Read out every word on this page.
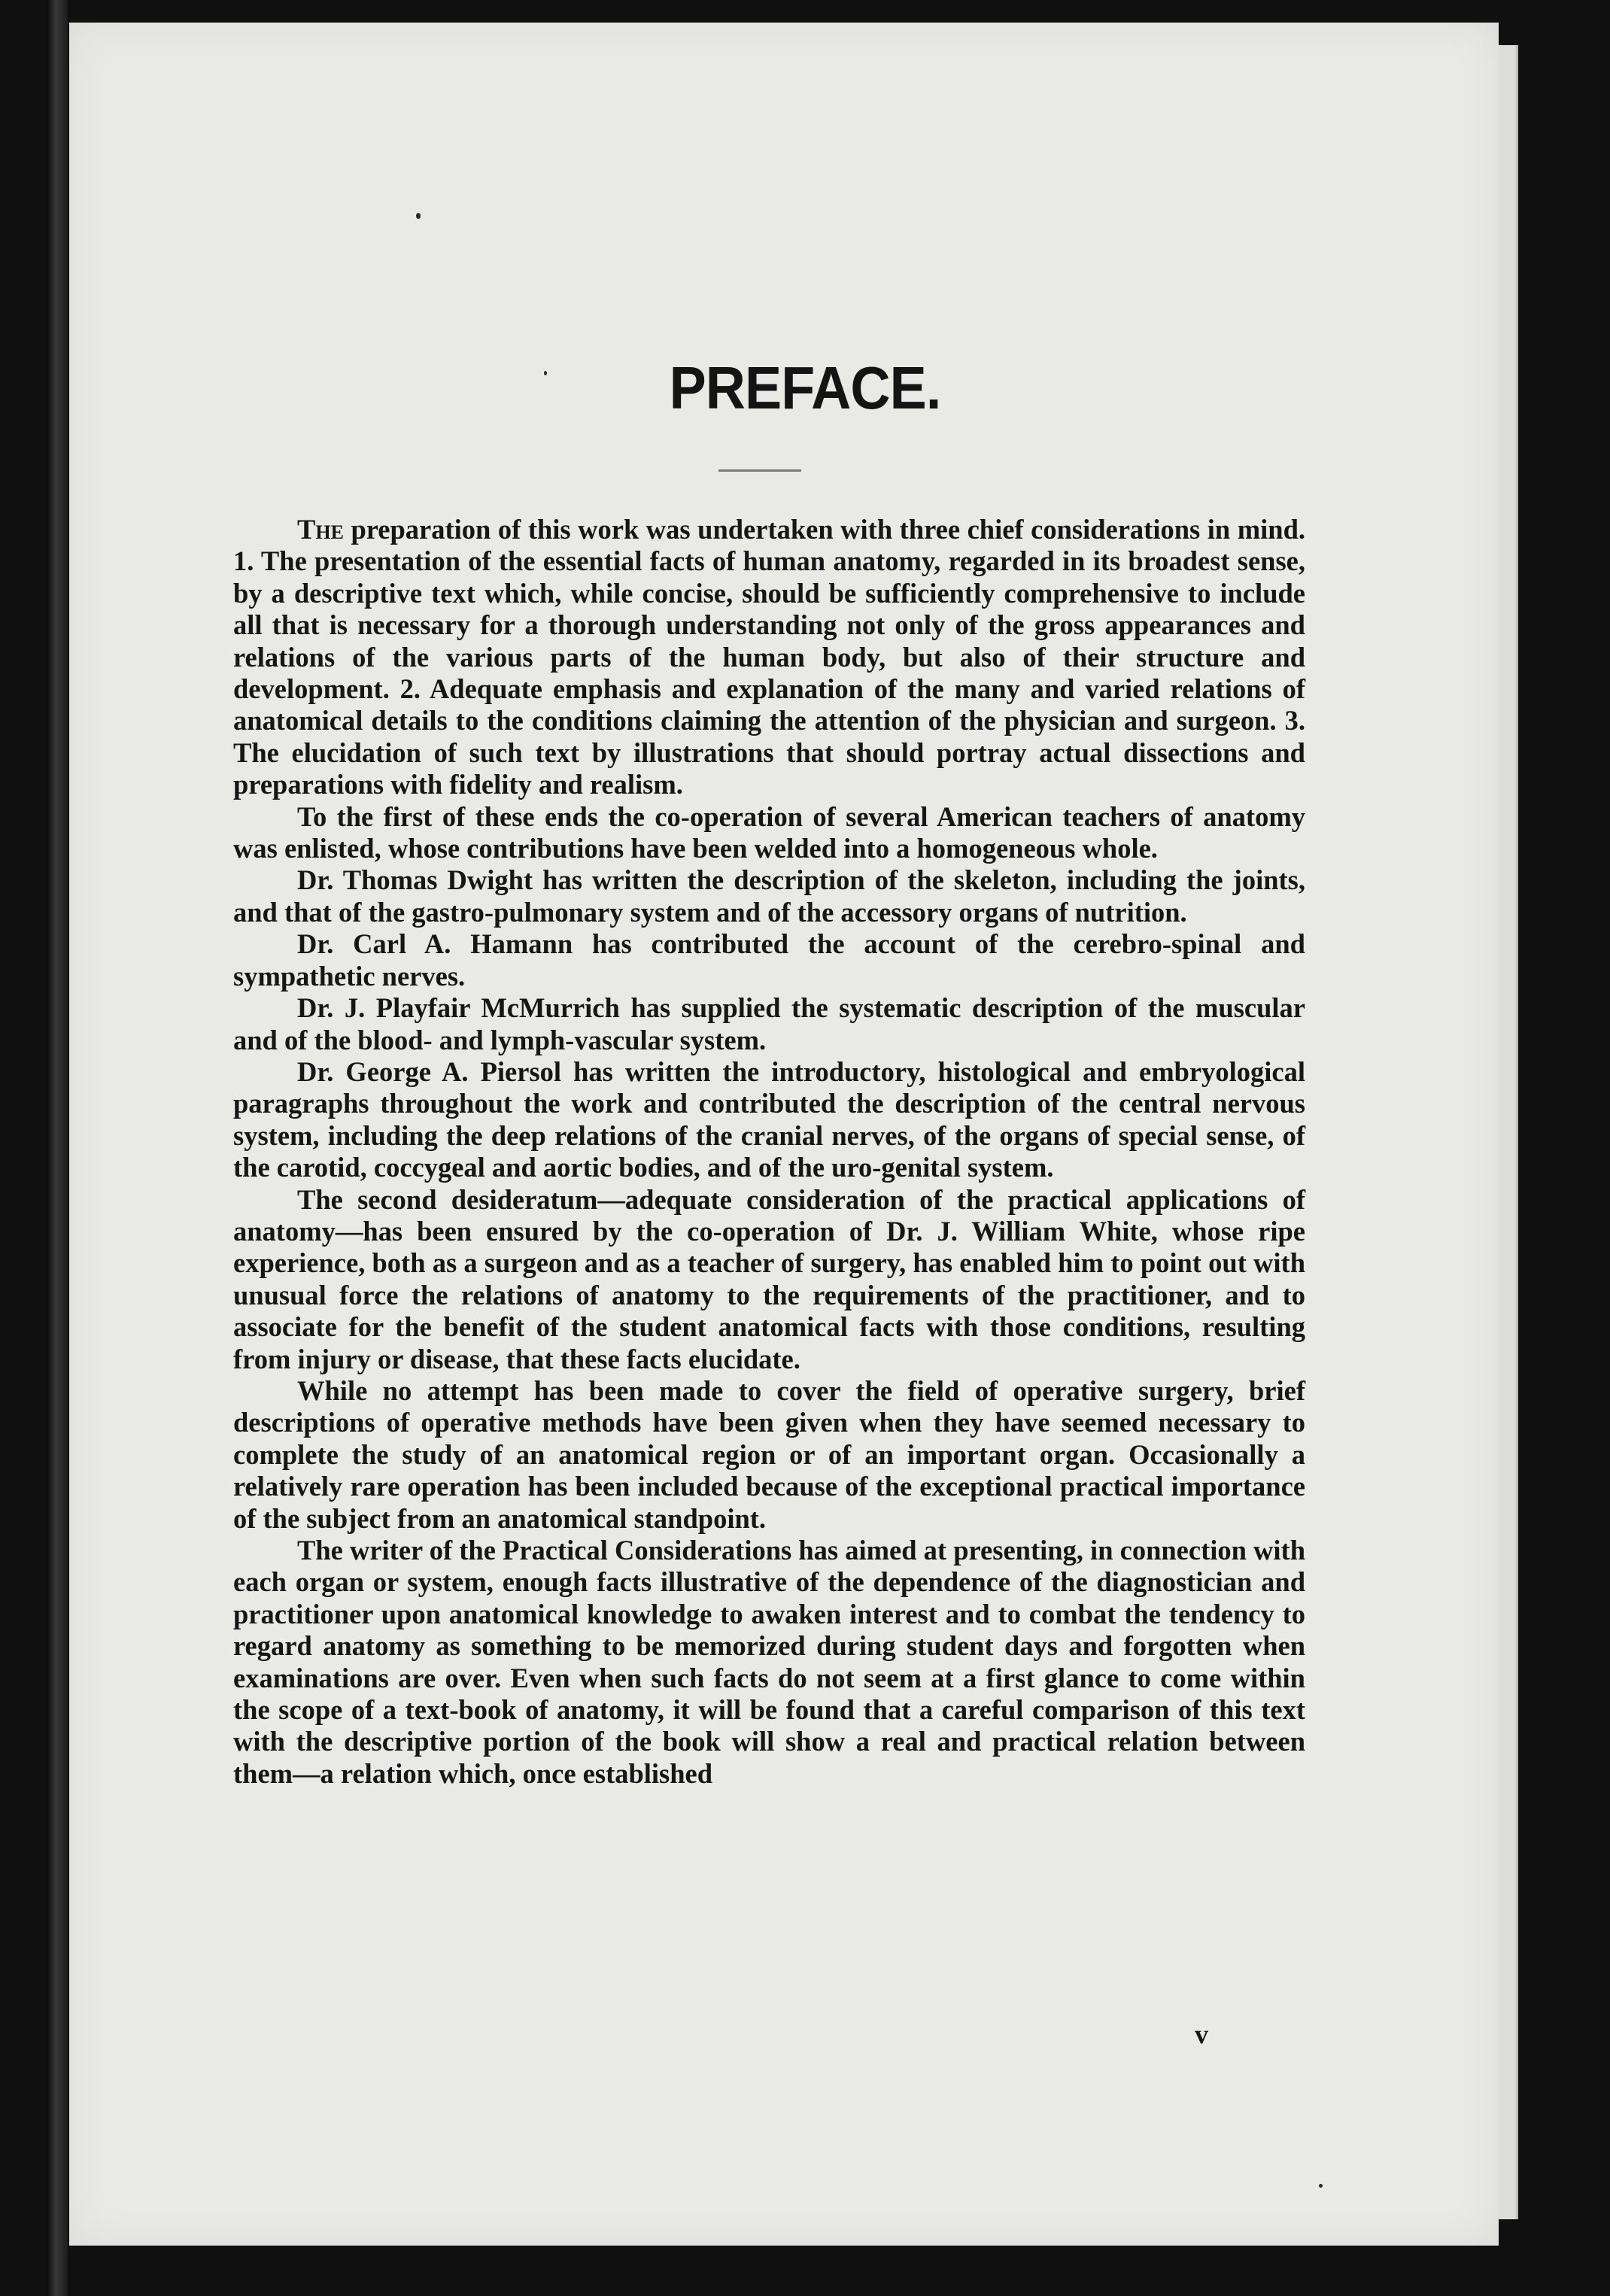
PREFACE.

The preparation of this work was undertaken with three chief considerations in mind. 1. The presentation of the essential facts of human anatomy, regarded in its broadest sense, by a descriptive text which, while concise, should be sufficiently comprehensive to include all that is necessary for a thorough understanding not only of the gross appearances and relations of the various parts of the human body, but also of their structure and development. 2. Adequate emphasis and explanation of the many and varied relations of anatomical details to the conditions claiming the attention of the physician and surgeon. 3. The elucidation of such text by illustrations that should portray actual dissections and preparations with fidelity and realism.

To the first of these ends the co-operation of several American teachers of anatomy was enlisted, whose contributions have been welded into a homogeneous whole.

Dr. Thomas Dwight has written the description of the skeleton, including the joints, and that of the gastro-pulmonary system and of the accessory organs of nutrition.

Dr. Carl A. Hamann has contributed the account of the cerebro-spinal and sympathetic nerves.

Dr. J. Playfair McMurrich has supplied the systematic description of the muscular and of the blood- and lymph-vascular system.

Dr. George A. Piersol has written the introductory, histological and embryological paragraphs throughout the work and contributed the description of the central nervous system, including the deep relations of the cranial nerves, of the organs of special sense, of the carotid, coccygeal and aortic bodies, and of the uro-genital system.

The second desideratum—adequate consideration of the practical applications of anatomy—has been ensured by the co-operation of Dr. J. William White, whose ripe experience, both as a surgeon and as a teacher of surgery, has enabled him to point out with unusual force the relations of anatomy to the requirements of the practitioner, and to associate for the benefit of the student anatomical facts with those conditions, resulting from injury or disease, that these facts elucidate.

While no attempt has been made to cover the field of operative surgery, brief descriptions of operative methods have been given when they have seemed necessary to complete the study of an anatomical region or of an important organ. Occasionally a relatively rare operation has been included because of the exceptional practical importance of the subject from an anatomical standpoint.

The writer of the Practical Considerations has aimed at presenting, in connection with each organ or system, enough facts illustrative of the dependence of the diagnostician and practitioner upon anatomical knowledge to awaken interest and to combat the tendency to regard anatomy as something to be memorized during student days and forgotten when examinations are over. Even when such facts do not seem at a first glance to come within the scope of a text-book of anatomy, it will be found that a careful comparison of this text with the descriptive portion of the book will show a real and practical relation between them—a relation which, once established

v
